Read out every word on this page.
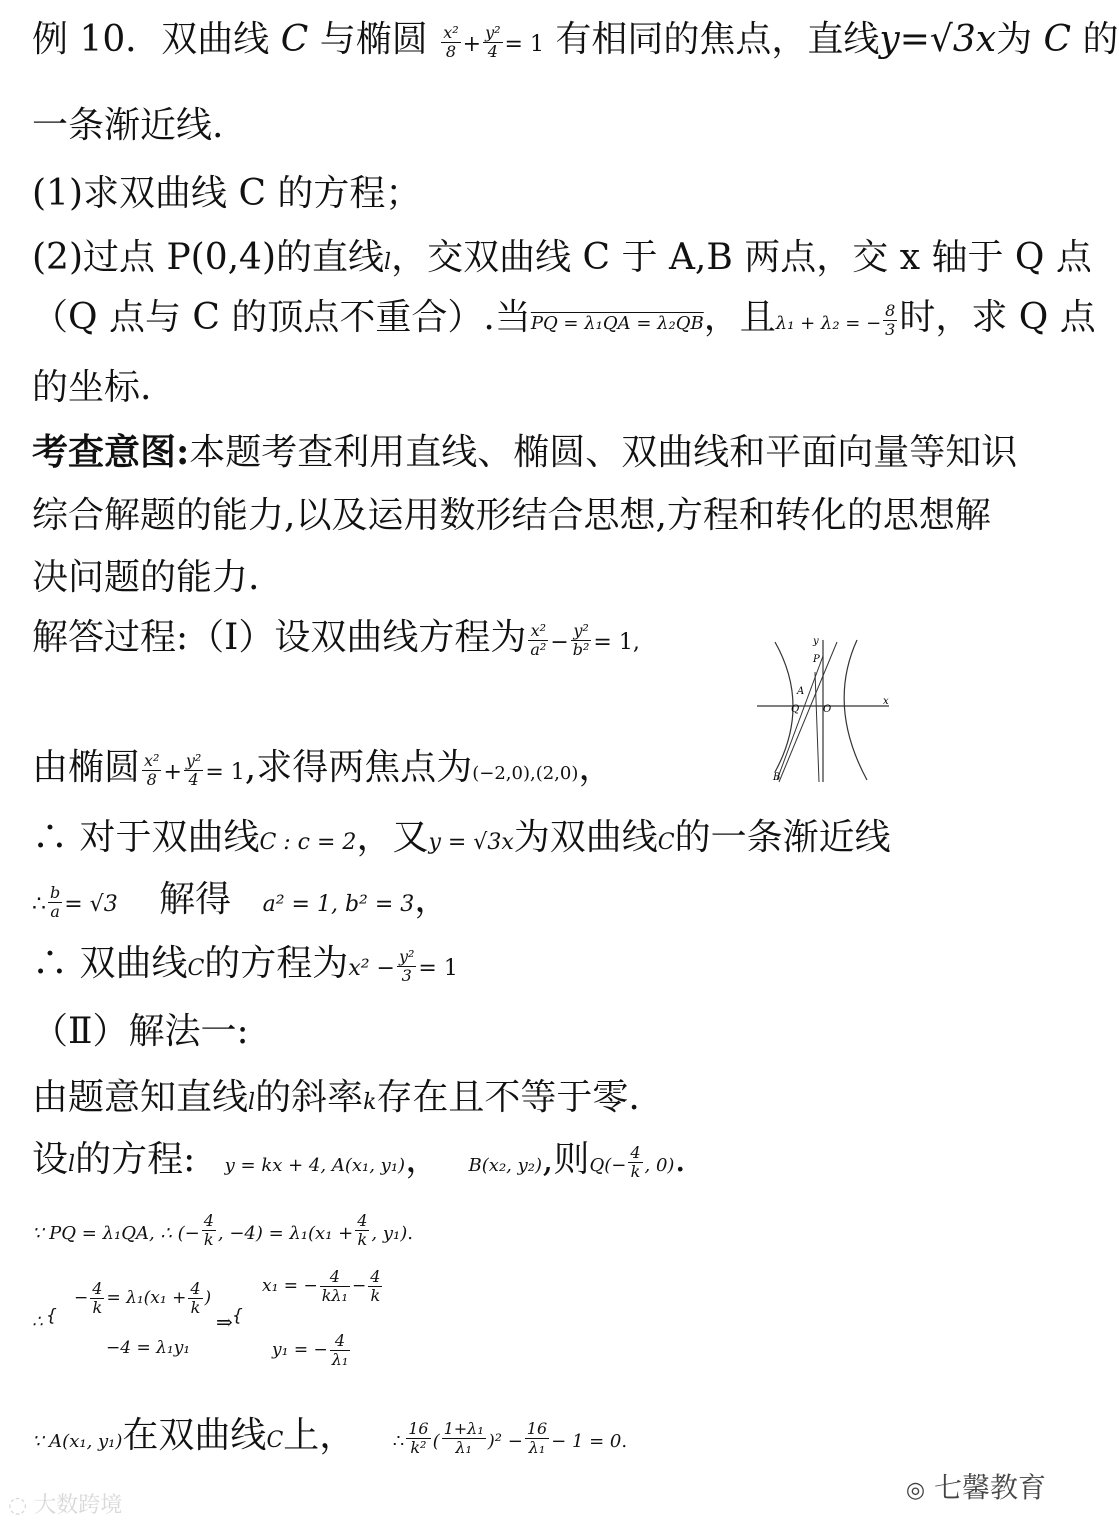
例 10．双曲线 C 与椭圆 $\frac{\text{x²}}{8} + \frac{\text{y²}}{4} = 1$ 有相同的焦点，直线y=√3x为 C 的
一条渐近线.
(1)求双曲线 C 的方程；
(2)过点 P(0,4)的直线l，交双曲线 C 于 A,B 两点，交 x 轴于 Q 点
（Q 点与 C 的顶点不重合）.当PQ = λ₁QA = λ₂QB，且λ₁ + λ₂ = − $\frac{8}{3}$ 时，求 Q 点
的坐标.
考查意图:本题考查利用直线、椭圆、双曲线和平面向量等知识
综合解题的能力,以及运用数形结合思想,方程和转化的思想解
决问题的能力.
解答过程:（Ⅰ）设双曲线方程为 $\frac{\text{x²}}{\text{a²}} - \frac{\text{y²}}{\text{b²}} = 1$,	y
P
A
Q O
x
B
由椭圆 $\frac{\text{x²}}{8} + \frac{\text{y²}}{4} = 1$,求得两焦点为(−2,0),(2,0)，
∴ 对于双曲线C : c = 2，又y = √3x为双曲线C的一条渐近线
∴ $\frac{b}{a} = √3$ 解得 a² = 1, b² = 3，
∴ 双曲线C的方程为$x^2 - \frac{\text{y²}}{3} = 1$
（Ⅱ）解法一:
由题意知直线l的斜率k存在且不等于零.
设l的方程: y = kx + 4, A(x₁, y₁)， B(x₂, y₂),则$Q(- \frac{4}{k}$ , 0).
∵ PQ = λ₁QA, ∴ (− $\frac{4}{k}$ , $-4) = \lambda_1(x_1 + \frac{4}{k}$ , y₁).
∴ {
− $\frac{4}{k} = \lambda_1(x_1 + \frac{4}{k}$ )
−4 = λ₁y₁
⇒ {
x₁ = − $\frac{4}{\text{kλ₁}} - \frac{4}{k}$
y₁ = − $\frac{4}{\text{λ₁}}$
∵ A(x₁, y₁)在双曲线C上， ∴ $\frac{16}{\text{k²}}$ ( $\frac{\text{1+λ₁}}{\text{λ₁}} )^2 - \frac{16}{\text{λ₁}} - 1 = 0$.
◌ 大数跨境
◎ 七馨教育
